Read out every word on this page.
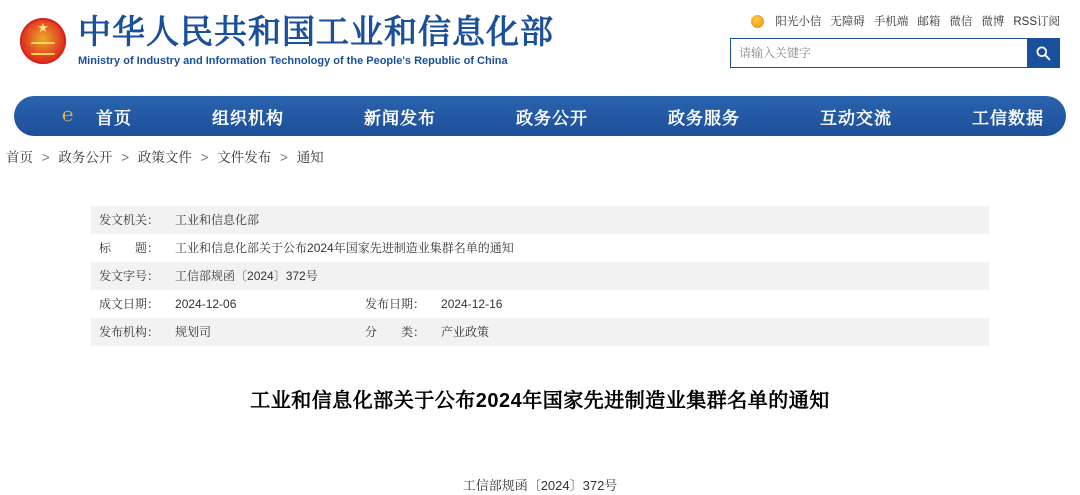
★
中华人民共和国工业和信息化部
Ministry of Industry and Information Technology of the People's Republic of China
阳光小信 无障碍 手机端 邮箱 微信 微博 RSS订阅
请输入关键字
℮	首页	组织机构	新闻发布	政务公开	政务服务	互动交流	工信数据
首页 > 政务公开 > 政策文件 > 文件发布 > 通知
发文机关：	工业和信息化部		
标　　题：	工业和信息化部关于公布2024年国家先进制造业集群名单的通知		
发文字号：	工信部规函〔2024〕372号		
成文日期：	2024-12-06	发布日期：	2024-12-16
发布机构：	规划司	分　　类：	产业政策
工业和信息化部关于公布2024年国家先进制造业集群名单的通知
工信部规函〔2024〕372号
